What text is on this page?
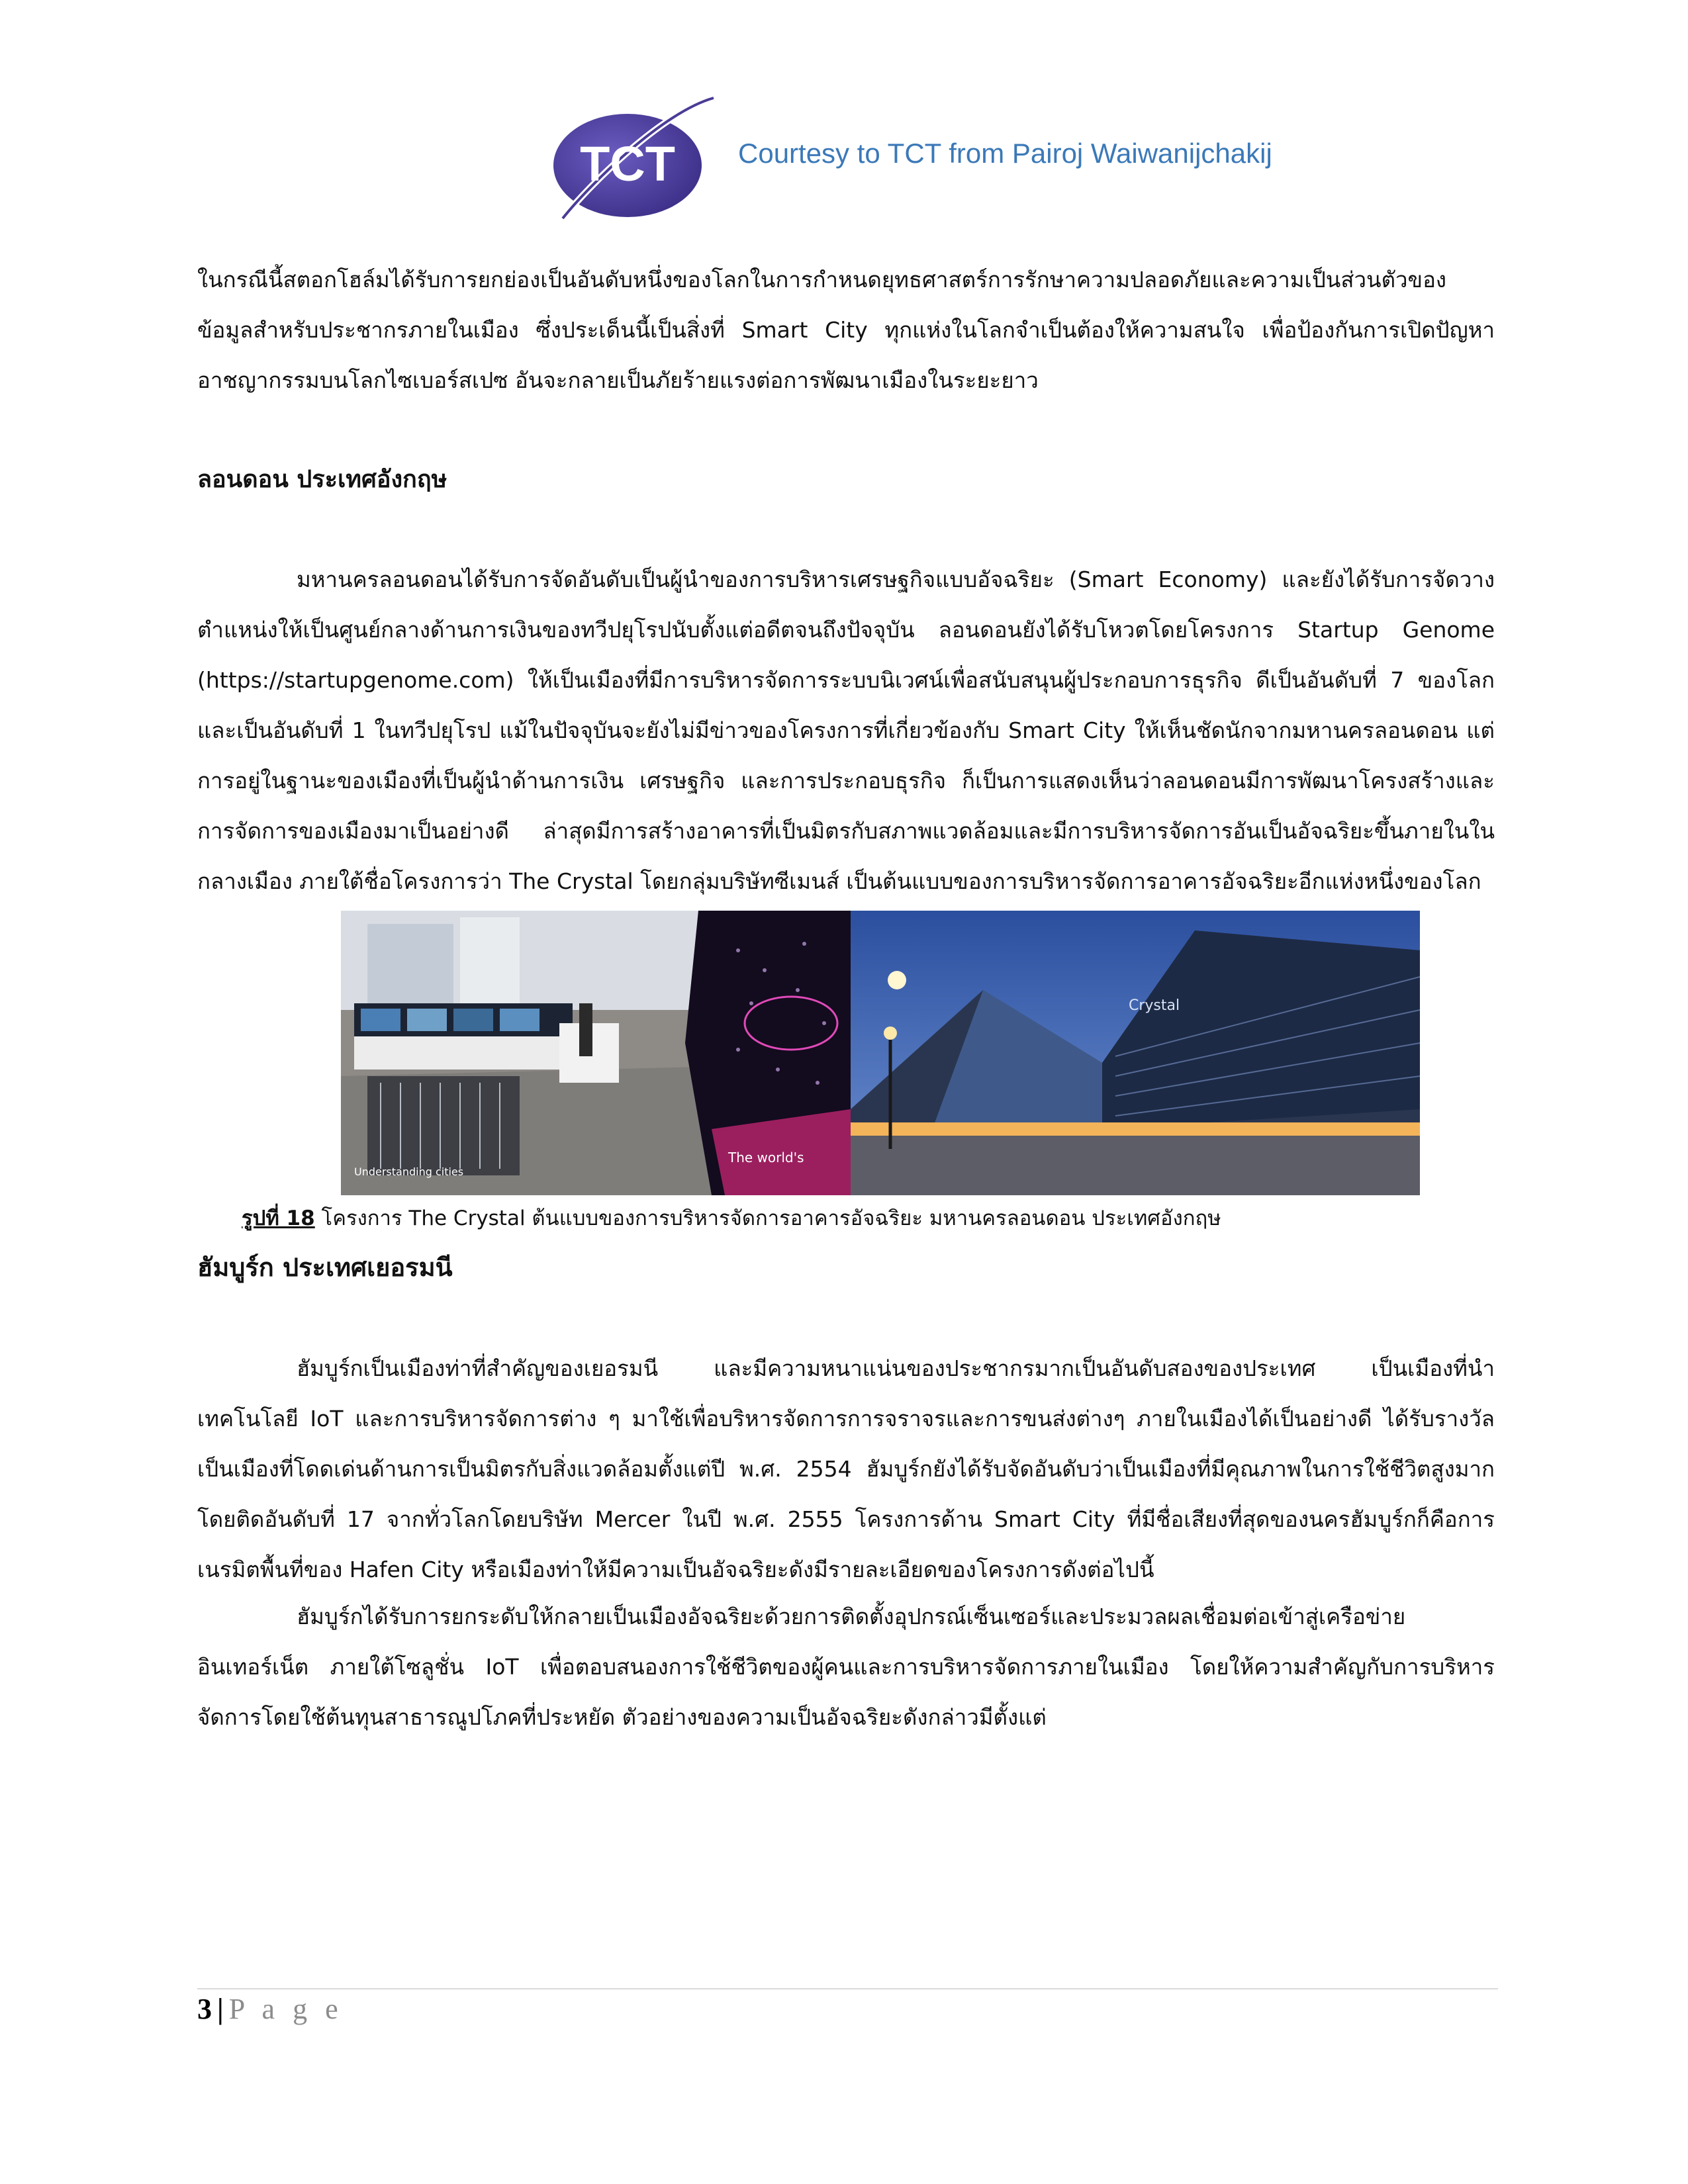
TCT Courtesy to TCT from Pairoj Waiwanijchakij

ในกรณีนี้สตอกโฮล์มได้รับการยกย่องเป็นอันดับหนึ่งของโลกในการกำหนดยุทธศาสตร์การรักษาความปลอดภัยและความเป็นส่วนตัวของข้อมูลสำหรับประชากรภายในเมือง ซึ่งประเด็นนี้เป็นสิ่งที่ Smart City ทุกแห่งในโลกจำเป็นต้องให้ความสนใจ เพื่อป้องกันการเปิดปัญหาอาชญากรรมบนโลกไซเบอร์สเปซ อันจะกลายเป็นภัยร้ายแรงต่อการพัฒนาเมืองในระยะยาว

ลอนดอน ประเทศอังกฤษ

มหานครลอนดอนได้รับการจัดอันดับเป็นผู้นำของการบริหารเศรษฐกิจแบบอัจฉริยะ (Smart Economy) และยังได้รับการจัดวางตำแหน่งให้เป็นศูนย์กลางด้านการเงินของทวีปยุโรปนับตั้งแต่อดีตจนถึงปัจจุบัน ลอนดอนยังได้รับโหวตโดยโครงการ Startup Genome (https://startupgenome.com) ให้เป็นเมืองที่มีการบริหารจัดการระบบนิเวศน์เพื่อสนับสนุนผู้ประกอบการธุรกิจ ดีเป็นอันดับที่ 7 ของโลก และเป็นอันดับที่ 1 ในทวีปยุโรป แม้ในปัจจุบันจะยังไม่มีข่าวของโครงการที่เกี่ยวข้องกับ Smart City ให้เห็นชัดนักจากมหานครลอนดอน แต่การอยู่ในฐานะของเมืองที่เป็นผู้นำด้านการเงิน เศรษฐกิจ และการประกอบธุรกิจ ก็เป็นการแสดงเห็นว่าลอนดอนมีการพัฒนาโครงสร้างและการจัดการของเมืองมาเป็นอย่างดี ล่าสุดมีการสร้างอาคารที่เป็นมิตรกับสภาพแวดล้อมและมีการบริหารจัดการอันเป็นอัจฉริยะขึ้นภายในในกลางเมือง ภายใต้ชื่อโครงการว่า The Crystal โดยกลุ่มบริษัทซีเมนส์ เป็นต้นแบบของการบริหารจัดการอาคารอัจฉริยะอีกแห่งหนึ่งของโลก

The world's
Understanding cities
Crystal
รูปที่ 18 โครงการ The Crystal ต้นแบบของการบริหารจัดการอาคารอัจฉริยะ มหานครลอนดอน ประเทศอังกฤษ
ฮัมบูร์ก ประเทศเยอรมนี

ฮัมบูร์กเป็นเมืองท่าที่สำคัญของเยอรมนี และมีความหนาแน่นของประชากรมากเป็นอันดับสองของประเทศ เป็นเมืองที่นำเทคโนโลยี IoT และการบริหารจัดการต่าง ๆ มาใช้เพื่อบริหารจัดการการจราจรและการขนส่งต่างๆ ภายในเมืองได้เป็นอย่างดี ได้รับรางวัลเป็นเมืองที่โดดเด่นด้านการเป็นมิตรกับสิ่งแวดล้อมตั้งแต่ปี พ.ศ. 2554 ฮัมบูร์กยังได้รับจัดอันดับว่าเป็นเมืองที่มีคุณภาพในการใช้ชีวิตสูงมาก โดยติดอันดับที่ 17 จากทั่วโลกโดยบริษัท Mercer ในปี พ.ศ. 2555 โครงการด้าน Smart City ที่มีชื่อเสียงที่สุดของนครฮัมบูร์กก็คือการเนรมิตพื้นที่ของ Hafen City หรือเมืองท่าให้มีความเป็นอัจฉริยะดังมีรายละเอียดของโครงการดังต่อไปนี้

ฮัมบูร์กได้รับการยกระดับให้กลายเป็นเมืองอัจฉริยะด้วยการติดตั้งอุปกรณ์เซ็นเซอร์และประมวลผลเชื่อมต่อเข้าสู่เครือข่ายอินเทอร์เน็ต ภายใต้โซลูชั่น IoT เพื่อตอบสนองการใช้ชีวิตของผู้คนและการบริหารจัดการภายในเมือง โดยให้ความสำคัญกับการบริหารจัดการโดยใช้ต้นทุนสาธารณูปโภคที่ประหยัด ตัวอย่างของความเป็นอัจฉริยะดังกล่าวมีตั้งแต่

3 | P a g e
